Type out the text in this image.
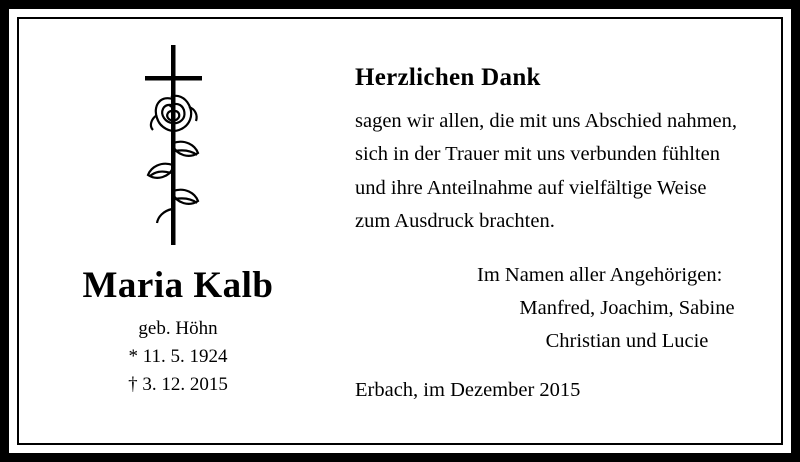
Maria Kalb
geb. Höhn
* 11. 5. 1924
† 3. 12. 2015
Herzlichen Dank
sagen wir allen, die mit uns Abschied nahmen,
sich in der Trauer mit uns verbunden fühlten
und ihre Anteilnahme auf vielfältige Weise
zum Ausdruck brachten.
Im Namen aller Angehörigen:
Manfred, Joachim, Sabine
Christian und Lucie
Erbach, im Dezember 2015
